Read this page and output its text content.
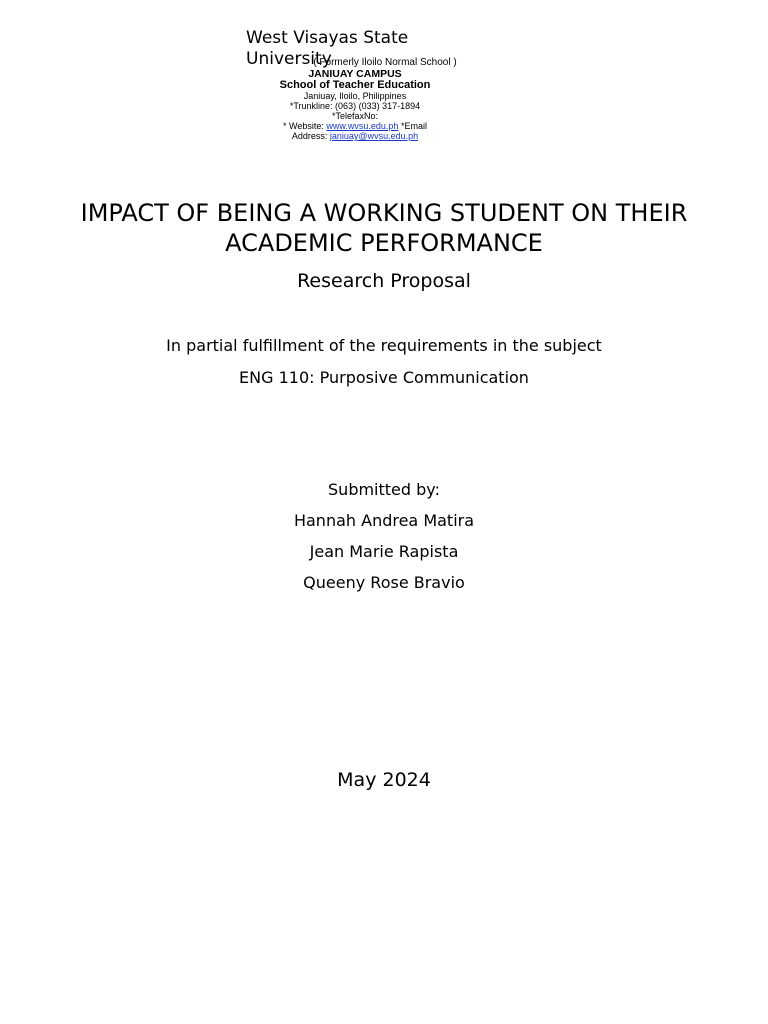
West Visayas State University
( Formerly Iloilo Normal School )
JANIUAY CAMPUS
School of Teacher Education
Janiuay, Iloilo, Philippines
*Trunkline: (063) (033) 317-1894
*TelefaxNo:
* Website: www.wvsu.edu.ph *Email
Address: janiuay@wvsu.edu.ph
IMPACT OF BEING A WORKING STUDENT ON THEIR ACADEMIC PERFORMANCE
Research Proposal
In partial fulfillment of the requirements in the subject
ENG 110: Purposive Communication
Submitted by:
Hannah Andrea Matira
Jean Marie Rapista
Queeny Rose Bravio
May 2024
